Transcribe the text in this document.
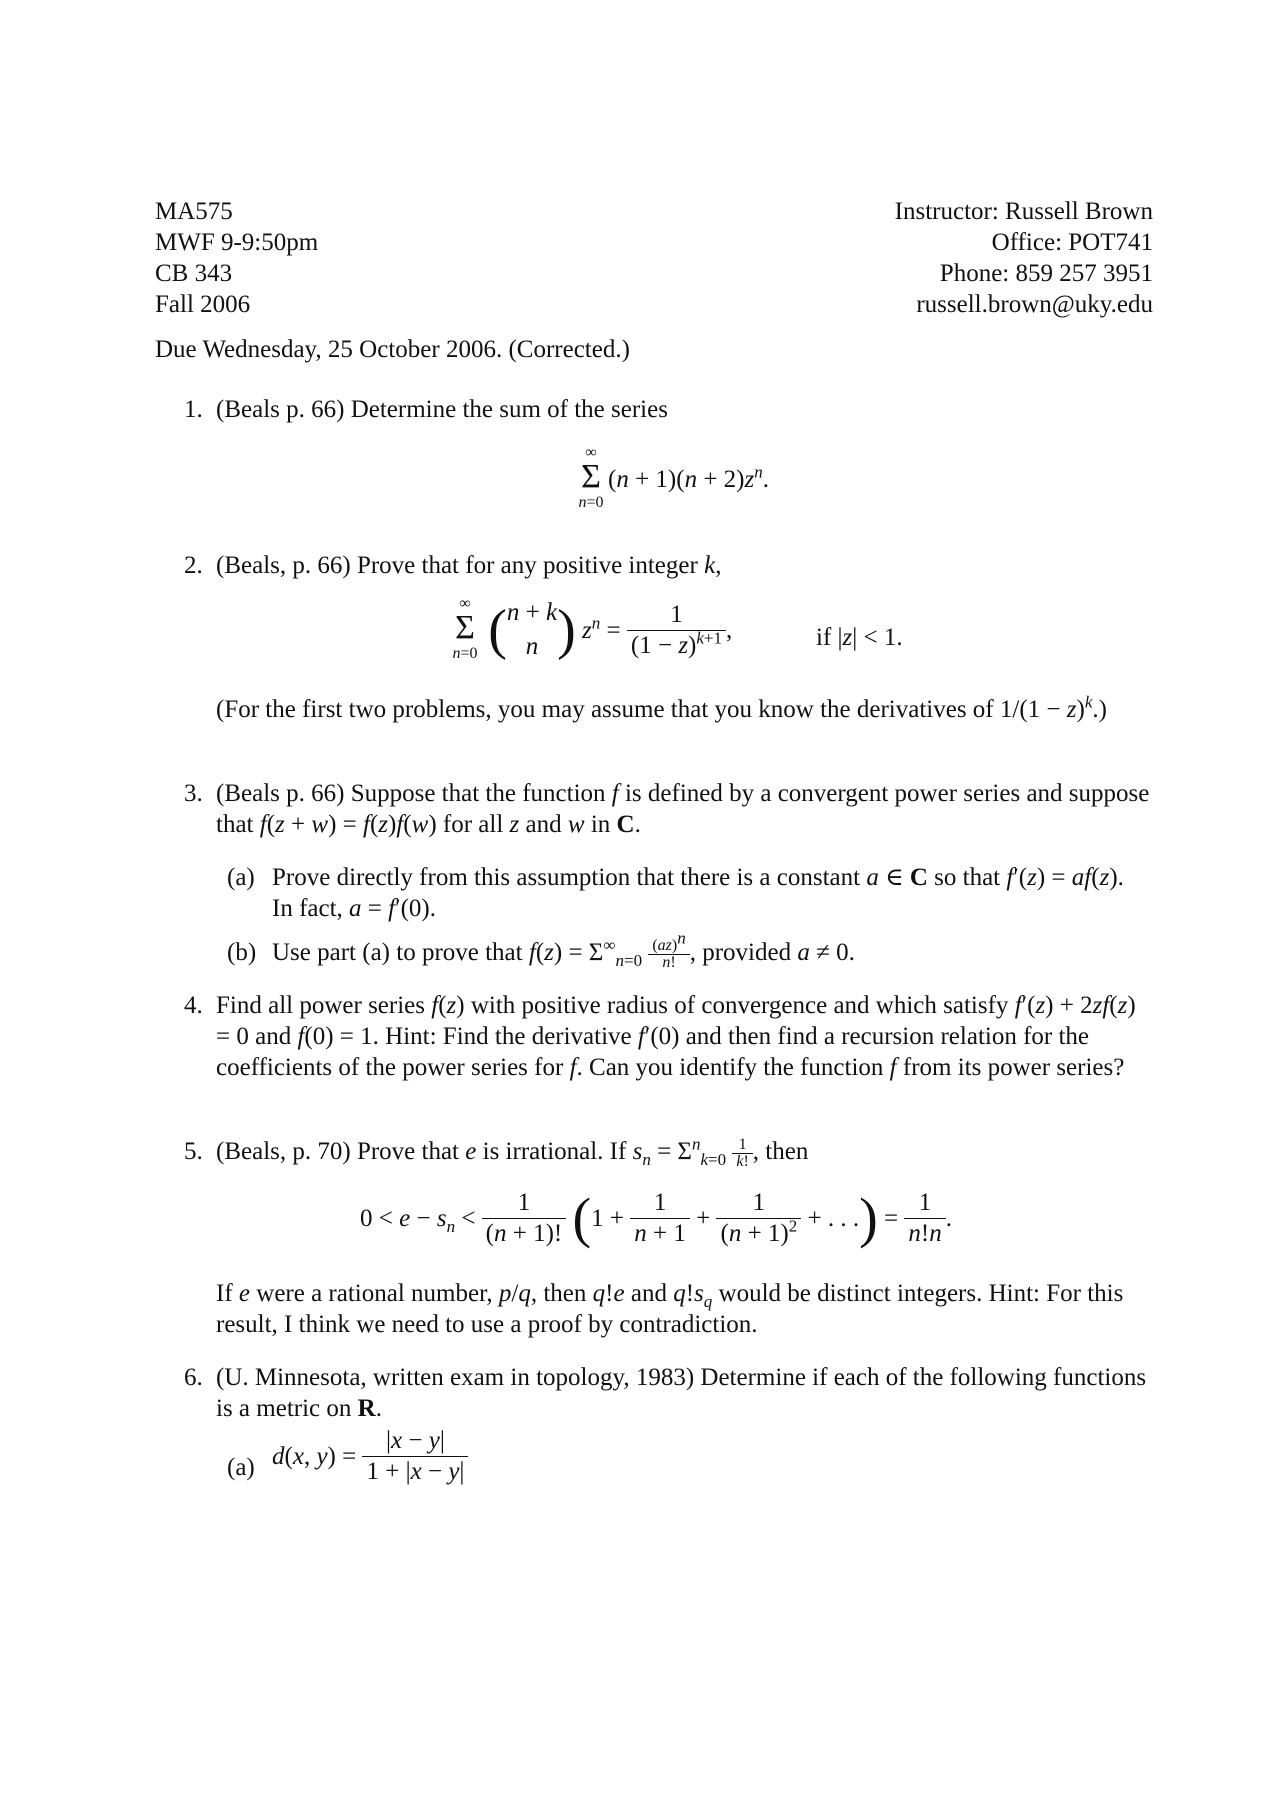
MA575
MWF 9-9:50pm
CB 343
Fall 2006
Instructor: Russell Brown
Office: POT741
Phone: 859 257 3951
russell.brown@uky.edu
Due Wednesday, 25 October 2006. (Corrected.)
1. (Beals p. 66) Determine the sum of the series
∞
Σ
n=0
$(n + 1)(n + 2)z^n$.
2. (Beals, p. 66) Prove that for any positive integer k,
∞
Σ
n=0 (n + k
n ) $z^n = \frac{1}{(1 - z)^{k+1}}$ ,	if |z| < 1.
(For the first two problems, you may assume that you know the derivatives of $1/(1 - z)^k$.)
3. (Beals p. 66) Suppose that the function f is defined by a convergent power series and suppose that f(z + w) = f(z)f(w) for all z and w in C.
(a) Prove directly from this assumption that there is a constant a ∈ C so that f′(z) = af(z). In fact, a = f′(0).
(b) Use part (a) to prove that $f(z) = \Sigma^\infty_{n=0} \frac{(az)^n}{n!}$ , provided a ≠ 0.
4. Find all power series f(z) with positive radius of convergence and which satisfy f′(z) + 2zf(z) = 0 and f(0) = 1. Hint: Find the derivative f′(0) and then find a recursion relation for the coefficients of the power series for f. Can you identify the function f from its power series?
5. (Beals, p. 70) Prove that e is irrational. If $s_n = \Sigma^n_{k=0} \frac{1}{k!}$ , then
$0 < e - s_n < \frac{1}{(n + 1)!} (1 + \frac{1}{n + 1} + \frac{1}{(n + 1)^2}$ + . . .) = $\frac{1}{n!n}$ .
If e were a rational number, p/q, then q!e and $q!s_q$ would be distinct integers. Hint: For this result, I think we need to use a proof by contradiction.
6. (U. Minnesota, written exam in topology, 1983) Determine if each of the following functions is a metric on R.
(a) d(x, $y) = \frac{|x - y|}{1 + |x - y|}$
